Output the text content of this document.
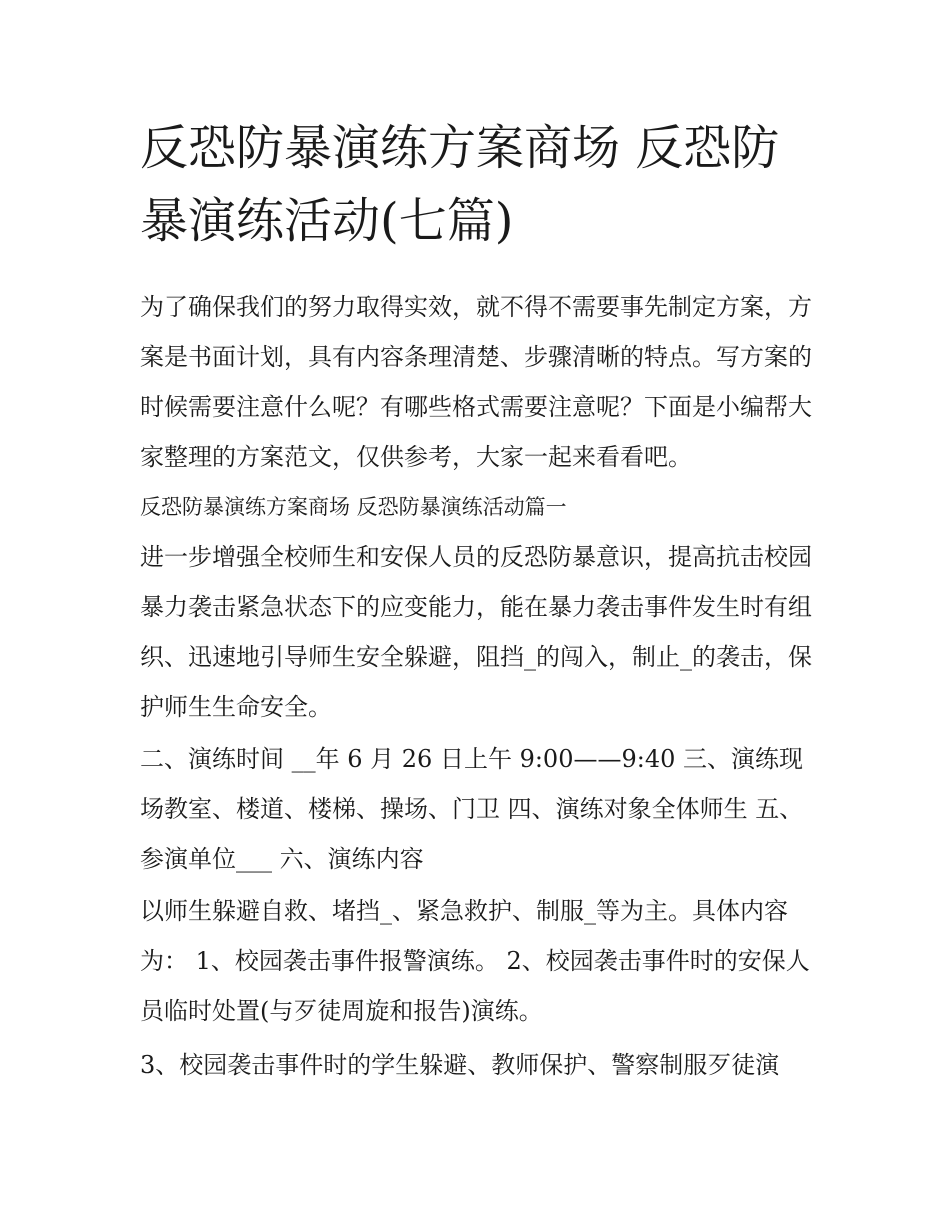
反恐防暴演练方案商场 反恐防暴演练活动(七篇)

为了确保我们的努力取得实效，就不得不需要事先制定方案，方案是书面计划，具有内容条理清楚、步骤清晰的特点。写方案的时候需要注意什么呢？有哪些格式需要注意呢？下面是小编帮大家整理的方案范文，仅供参考，大家一起来看看吧。

反恐防暴演练方案商场 反恐防暴演练活动篇一

进一步增强全校师生和安保人员的反恐防暴意识，提高抗击校园暴力袭击紧急状态下的应变能力，能在暴力袭击事件发生时有组织、迅速地引导师生安全躲避，阻挡_的闯入，制止_的袭击，保护师生生命安全。

二、演练时间 __年 6 月 26 日上午 9:00——9:40 三、演练现场教室、楼道、楼梯、操场、门卫 四、演练对象全体师生 五、参演单位___ 六、演练内容

以师生躲避自救、堵挡_、紧急救护、制服_等为主。具体内容为： 1、校园袭击事件报警演练。 2、校园袭击事件时的安保人员临时处置(与歹徒周旋和报告)演练。

3、校园袭击事件时的学生躲避、教师保护、警察制服歹徒演
